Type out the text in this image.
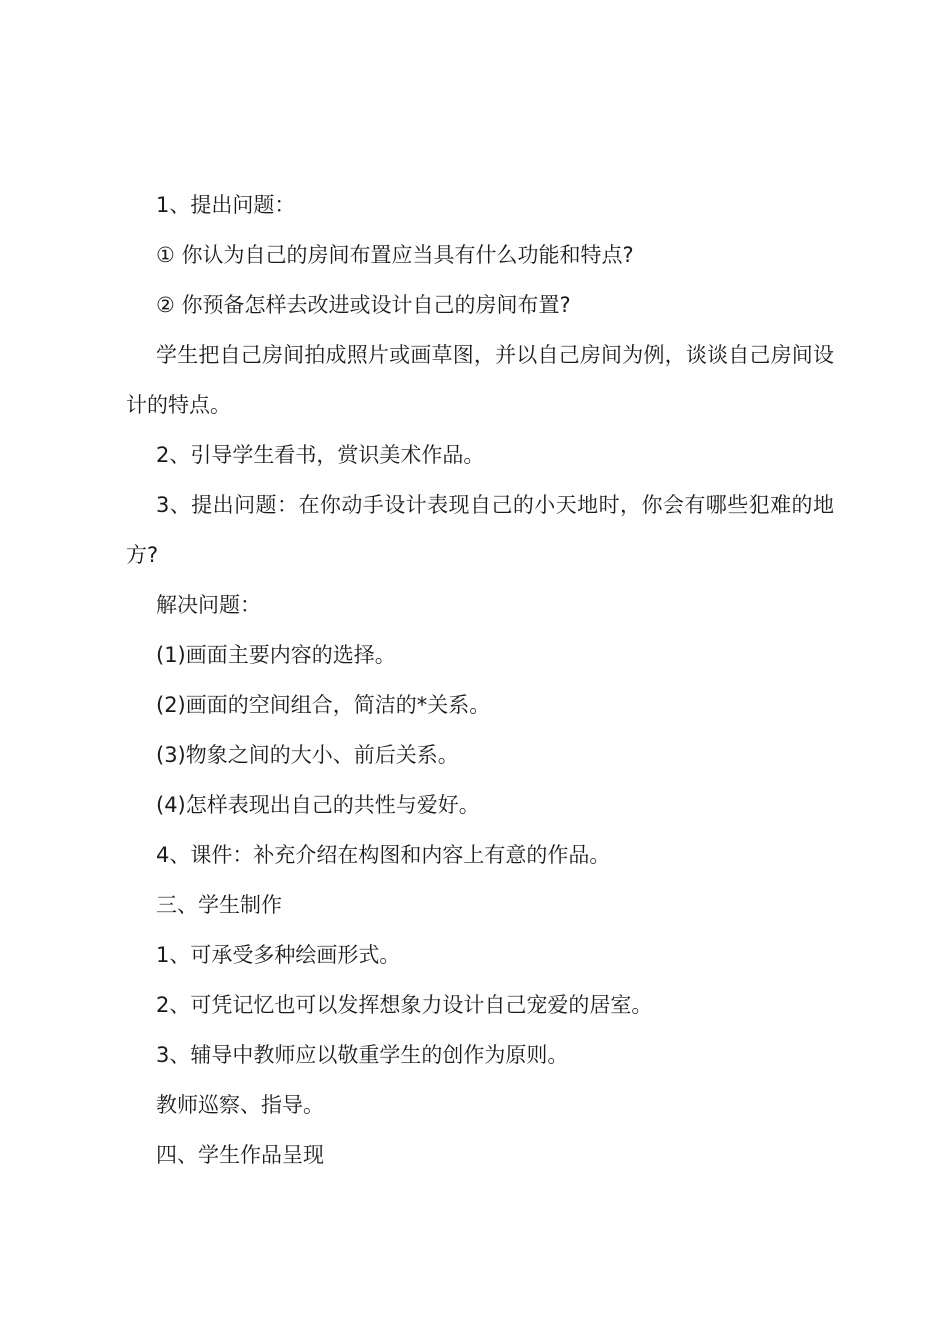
1、提出问题：

① 你认为自己的房间布置应当具有什么功能和特点?

② 你预备怎样去改进或设计自己的房间布置?

学生把自己房间拍成照片或画草图，并以自己房间为例，谈谈自己房间设计的特点。

2、引导学生看书，赏识美术作品。

3、提出问题：在你动手设计表现自己的小天地时，你会有哪些犯难的地方?

解决问题：

(1)画面主要内容的选择。

(2)画面的空间组合，简洁的*关系。

(3)物象之间的大小、前后关系。

(4)怎样表现出自己的共性与爱好。

4、课件：补充介绍在构图和内容上有意的作品。

三、学生制作

1、可承受多种绘画形式。

2、可凭记忆也可以发挥想象力设计自己宠爱的居室。

3、辅导中教师应以敬重学生的创作为原则。

教师巡察、指导。

四、学生作品呈现
